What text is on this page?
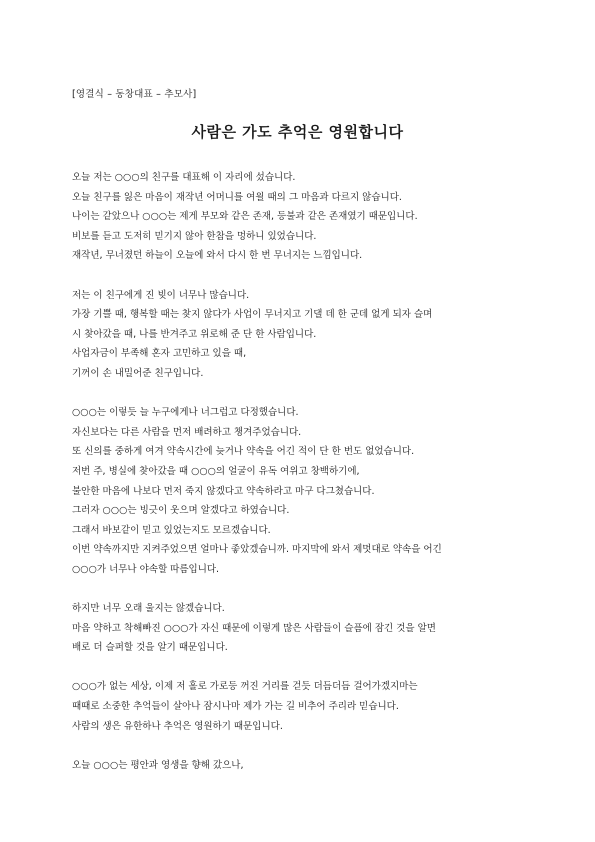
[영결식 – 동창대표 – 추모사]
사람은 가도 추억은 영원합니다
오늘 저는 ○○○의 친구를 대표해 이 자리에 섰습니다.
오늘 친구를 잃은 마음이 재작년 어머니를 여읠 때의 그 마음과 다르지 않습니다.
나이는 같았으나 ○○○는 제게 부모와 같은 존재, 등불과 같은 존재였기 때문입니다.
비보를 듣고 도저히 믿기지 않아 한참을 멍하니 있었습니다.
재작년, 무너졌던 하늘이 오늘에 와서 다시 한 번 무너지는 느낌입니다.
저는 이 친구에게 진 빚이 너무나 많습니다.
가장 기쁠 때, 행복할 때는 찾지 않다가 사업이 무너지고 기댈 데 한 군데 없게 되자 슬며
시 찾아갔을 때, 나를 반겨주고 위로해 준 단 한 사람입니다.
사업자금이 부족해 혼자 고민하고 있을 때,
기꺼이 손 내밀어준 친구입니다.
○○○는 이렇듯 늘 누구에게나 너그럽고 다정했습니다.
자신보다는 다른 사람을 먼저 배려하고 챙겨주었습니다.
또 신의를 중하게 여겨 약속시간에 늦거나 약속을 어긴 적이 단 한 번도 없었습니다.
저번 주, 병실에 찾아갔을 때 ○○○의 얼굴이 유독 여위고 창백하기에,
불안한 마음에 나보다 먼저 죽지 않겠다고 약속하라고 마구 다그쳤습니다.
그러자 ○○○는 빙긋이 웃으며 알겠다고 하였습니다.
그래서 바보같이 믿고 있었는지도 모르겠습니다.
이번 약속까지만 지켜주었으면 얼마나 좋았겠습니까. 마지막에 와서 제멋대로 약속을 어긴
○○○가 너무나 야속할 따름입니다.
하지만 너무 오래 울지는 않겠습니다.
마음 약하고 착해빠진 ○○○가 자신 때문에 이렇게 많은 사람들이 슬픔에 잠긴 것을 알면
배로 더 슬퍼할 것을 알기 때문입니다.
○○○가 없는 세상, 이제 저 홀로 가로등 꺼진 거리를 걷듯 더듬더듬 걸어가겠지마는
때때로 소중한 추억들이 살아나 잠시나마 제가 가는 길 비추어 주리라 믿습니다.
사람의 생은 유한하나 추억은 영원하기 때문입니다.
오늘 ○○○는 평안과 영생을 향해 갔으나,
